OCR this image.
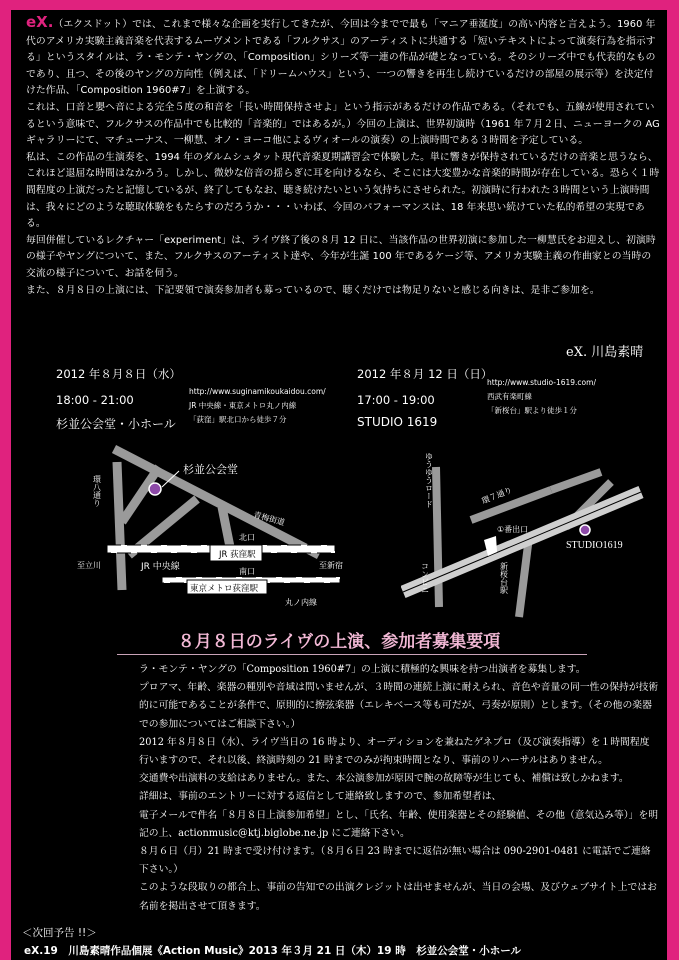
eX.（エクスドット）では、これまで様々な企画を実行してきたが、今回は今までで最も「マニア垂涎度」の高い内容と言えよう。1960 年代のアメリカ実験主義音楽を代表するムーヴメントである「フルクサス」のアーティストに共通する「短いテキストによって演奏行為を指示する」というスタイルは、ラ・モンテ・ヤングの、「Composition」シリーズ等一連の作品が礎となっている。そのシリーズ中でも代表的なものであり、且つ、その後のヤングの方向性（例えば、「ドリームハウス」という、一つの響きを再生し続けているだけの部屋の展示等）を決定付けた作品、「Composition 1960#7」を上演する。

これは、口音と嬰ヘ音による完全５度の和音を「長い時間保持させよ」という指示があるだけの作品である。（それでも、五線が使用されているという意味で、フルクサスの作品中でも比較的「音楽的」ではあるが。）今回の上演は、世界初演時（1961 年７月２日、ニューヨークの AG ギャラリーにて、マチューナス、一柳慧、オノ・ヨーコ他によるヴィオールの演奏）の上演時間である３時間を予定している。

私は、この作品の生演奏を、1994 年のダルムシュタット現代音楽夏期講習会で体験した。単に響きが保持されているだけの音楽と思うなら、これほど退屈な時間はなかろう。しかし、微妙な倍音の揺らぎに耳を向けるなら、そこには大変豊かな音楽的時間が存在している。恐らく１時間程度の上演だったと記憶しているが、終了してもなお、聴き続けたいという気持ちにさせられた。初演時に行われた３時間という上演時間は、我々にどのような聴取体験をもたらすのだろうか・・・いわば、今回のパフォーマンスは、18 年来思い続けていた私的希望の実現である。

毎回併催しているレクチャー「experiment」は、ライヴ終了後の８月 12 日に、当該作品の世界初演に参加した一柳慧氏をお迎えし、初演時の様子やヤングについて、また、フルクサスのアーティスト達や、今年が生誕 100 年であるケージ等、アメリカ実験主義の作曲家との当時の交流の様子について、お話を伺う。

また、８月８日の上演には、下記要領で演奏参加者も募っているので、聴くだけでは物足りないと感じる向きは、是非ご参加を。

eX. 川島素晴
2012 年８月８日（水）
18:00 - 21:00
杉並公会堂・小ホール
http://www.suginamikoukaidou.com/
JR 中央線・東京メトロ丸ノ内線
「荻窪」駅北口から徒歩７分
2012 年８月 12 日（日）
17:00 - 19:00
STUDIO 1619
http://www.studio-1619.com/
西武有楽町線
「新桜台」駅より徒歩１分
杉並公会堂
環八通り
青梅街道
北口
JR 荻窪駅
南口
東京メトロ荻窪駅
JR 中央線
丸ノ内線
至立川	至新宿
ゆうゆうロード	環７通り
①番出口
STUDIO1619
コンビニ	新桜台駅
８月８日のライヴの上演、参加者募集要項

ラ・モンテ・ヤングの「Composition 1960#7」の上演に積極的な興味を持つ出演者を募集します。

プロアマ、年齢、楽器の種別や音域は問いませんが、３時間の連続上演に耐えられ、音色や音量の同一性の保持が技術的に可能であることが条件で、原則的に擦弦楽器（エレキベース等も可だが、弓奏が原則）とします。（その他の楽器での参加についてはご相談下さい。）

2012 年８月８日（水）、ライヴ当日の 16 時より、オーディションを兼ねたゲネプロ（及び演奏指導）を１時間程度行いますので、それ以後、終演時刻の 21 時までのみが拘束時間となり、事前のリハーサルはありません。

交通費や出演料の支給はありません。また、本公演参加が原因で腕の故障等が生じても、補償は致しかねます。

詳細は、事前のエントリーに対する返信として連絡致しますので、参加希望者は、

電子メールで件名「８月８日上演参加希望」とし、「氏名、年齢、使用楽器とその経験値、その他（意気込み等）」を明記の上、actionmusic@ktj.biglobe.ne.jp にご連絡下さい。

８月６日（月）21 時まで受け付けます。（８月６日 23 時までに返信が無い場合は 090-2901-0481 に電話でご連絡下さい。）

このような段取りの都合上、事前の告知での出演クレジットは出せませんが、当日の会場、及びウェブサイト上ではお名前を掲出させて頂きます。

＜次回予告 !!＞
eX.19　川島素晴作品個展《Action Music》2013 年３月 21 日（木）19 時　杉並公会堂・小ホール
